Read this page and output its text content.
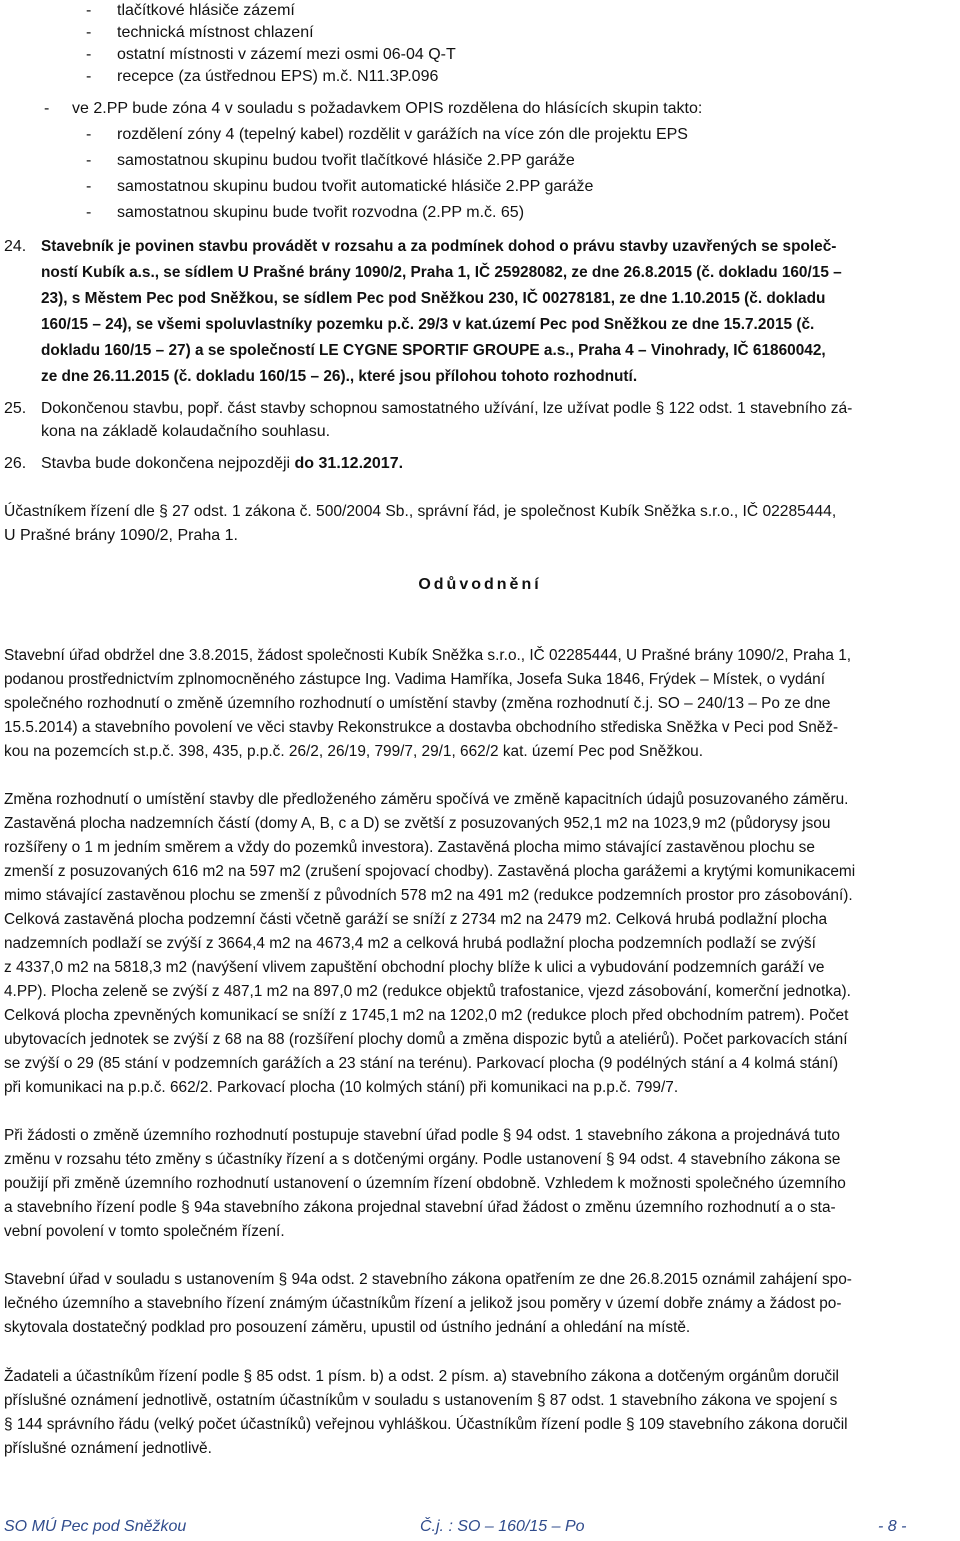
- tlačítkové hlásiče zázemí
- technická místnost chlazení
- ostatní místnosti v zázemí mezi osmi 06-04 Q-T
- recepce (za ústřednou EPS) m.č. N11.3P.096
- ve 2.PP bude zóna 4 v souladu s požadavkem OPIS rozdělena do hlásících skupin takto:
- rozdělení zóny 4 (tepelný kabel) rozdělit v garážích na více zón dle projektu EPS
- samostatnou skupinu budou tvořit tlačítkové hlásiče 2.PP garáže
- samostatnou skupinu budou tvořit automatické hlásiče 2.PP garáže
- samostatnou skupinu bude tvořit rozvodna (2.PP m.č. 65)
24. Stavebník je povinen stavbu provádět v rozsahu a za podmínek dohod o právu stavby uzavřených se společ-
ností Kubík a.s., se sídlem U Prašné brány 1090/2, Praha 1, IČ 25928082, ze dne 26.8.2015 (č. dokladu 160/15 –
23), s Městem Pec pod Sněžkou, se sídlem Pec pod Sněžkou 230, IČ 00278181, ze dne 1.10.2015 (č. dokladu
160/15 – 24), se všemi spoluvlastníky pozemku p.č. 29/3 v kat.území Pec pod Sněžkou ze dne 15.7.2015 (č.
dokladu 160/15 – 27) a se společností LE CYGNE SPORTIF GROUPE a.s., Praha 4 – Vinohrady, IČ 61860042,
ze dne 26.11.2015 (č. dokladu 160/15 – 26)., které jsou přílohou tohoto rozhodnutí.
25. Dokončenou stavbu, popř. část stavby schopnou samostatného užívání, lze užívat podle § 122 odst. 1 stavebního zá-
kona na základě kolaudačního souhlasu.
26. Stavba bude dokončena nejpozději do 31.12.2017.
Účastníkem řízení dle § 27 odst. 1 zákona č. 500/2004 Sb., správní řád, je společnost Kubík Sněžka s.r.o., IČ 02285444,
U Prašné brány 1090/2, Praha 1.
Odůvodnění
Stavební úřad obdržel dne 3.8.2015, žádost společnosti Kubík Sněžka s.r.o., IČ 02285444, U Prašné brány 1090/2, Praha 1,
podanou prostřednictvím zplnomocněného zástupce Ing. Vadima Hamříka, Josefa Suka 1846, Frýdek – Místek, o vydání
společného rozhodnutí o změně územního rozhodnutí o umístění stavby (změna rozhodnutí č.j. SO – 240/13 – Po ze dne
15.5.2014) a stavebního povolení ve věci stavby Rekonstrukce a dostavba obchodního střediska Sněžka v Peci pod Sněž-
kou na pozemcích st.p.č. 398, 435, p.p.č. 26/2, 26/19, 799/7, 29/1, 662/2 kat. území Pec pod Sněžkou.
Změna rozhodnutí o umístění stavby dle předloženého záměru spočívá ve změně kapacitních údajů posuzovaného záměru.
Zastavěná plocha nadzemních částí (domy A, B, c a D) se zvětší z posuzovaných 952,1 m2 na 1023,9 m2 (půdorysy jsou
rozšířeny o 1 m jedním směrem a vždy do pozemků investora). Zastavěná plocha mimo stávající zastavěnou plochu se
zmenší z posuzovaných 616 m2 na 597 m2 (zrušení spojovací chodby). Zastavěná plocha garážemi a krytými komunikacemi
mimo stávající zastavěnou plochu se zmenší z původních 578 m2 na 491 m2 (redukce podzemních prostor pro zásobování).
Celková zastavěná plocha podzemní části včetně garáží se sníží z 2734 m2 na 2479 m2. Celková hrubá podlažní plocha
nadzemních podlaží se zvýší z 3664,4 m2 na 4673,4 m2 a celková hrubá podlažní plocha podzemních podlaží se zvýší
z 4337,0 m2 na 5818,3 m2 (navýšení vlivem zapuštění obchodní plochy blíže k ulici a vybudování podzemních garáží ve
4.PP). Plocha zeleně se zvýší z 487,1 m2 na 897,0 m2 (redukce objektů trafostanice, vjezd zásobování, komerční jednotka).
Celková plocha zpevněných komunikací se sníží z 1745,1 m2 na 1202,0 m2 (redukce ploch před obchodním patrem). Počet
ubytovacích jednotek se zvýší z 68 na 88 (rozšíření plochy domů a změna dispozic bytů a ateliérů). Počet parkovacích stání
se zvýší o 29 (85 stání v podzemních garážích a 23 stání na terénu). Parkovací plocha (9 podélných stání a 4 kolmá stání)
při komunikaci na p.p.č. 662/2. Parkovací plocha (10 kolmých stání) při komunikaci na p.p.č. 799/7.
Při žádosti o změně územního rozhodnutí postupuje stavební úřad podle § 94 odst. 1 stavebního zákona a projednává tuto
změnu v rozsahu této změny s účastníky řízení a s dotčenými orgány. Podle ustanovení § 94 odst. 4 stavebního zákona se
použijí při změně územního rozhodnutí ustanovení o územním řízení obdobně. Vzhledem k možnosti společného územního
a stavebního řízení podle § 94a stavebního zákona projednal stavební úřad žádost o změnu územního rozhodnutí a o sta-
vební povolení v tomto společném řízení.
Stavební úřad v souladu s ustanovením § 94a odst. 2 stavebního zákona opatřením ze dne 26.8.2015 oznámil zahájení spo-
lečného územního a stavebního řízení známým účastníkům řízení a jelikož jsou poměry v území dobře známy a žádost po-
skytovala dostatečný podklad pro posouzení záměru, upustil od ústního jednání a ohledání na místě.
Žadateli a účastníkům řízení podle § 85 odst. 1 písm. b) a odst. 2 písm. a) stavebního zákona a dotčeným orgánům doručil
příslušné oznámení jednotlivě, ostatním účastníkům v souladu s ustanovením § 87 odst. 1 stavebního zákona ve spojení s
§ 144 správního řádu (velký počet účastníků) veřejnou vyhláškou. Účastníkům řízení podle § 109 stavebního zákona doručil
příslušné oznámení jednotlivě.
SO MÚ Pec pod Sněžkou	Č.j. : SO – 160/15 – Po	- 8 -
